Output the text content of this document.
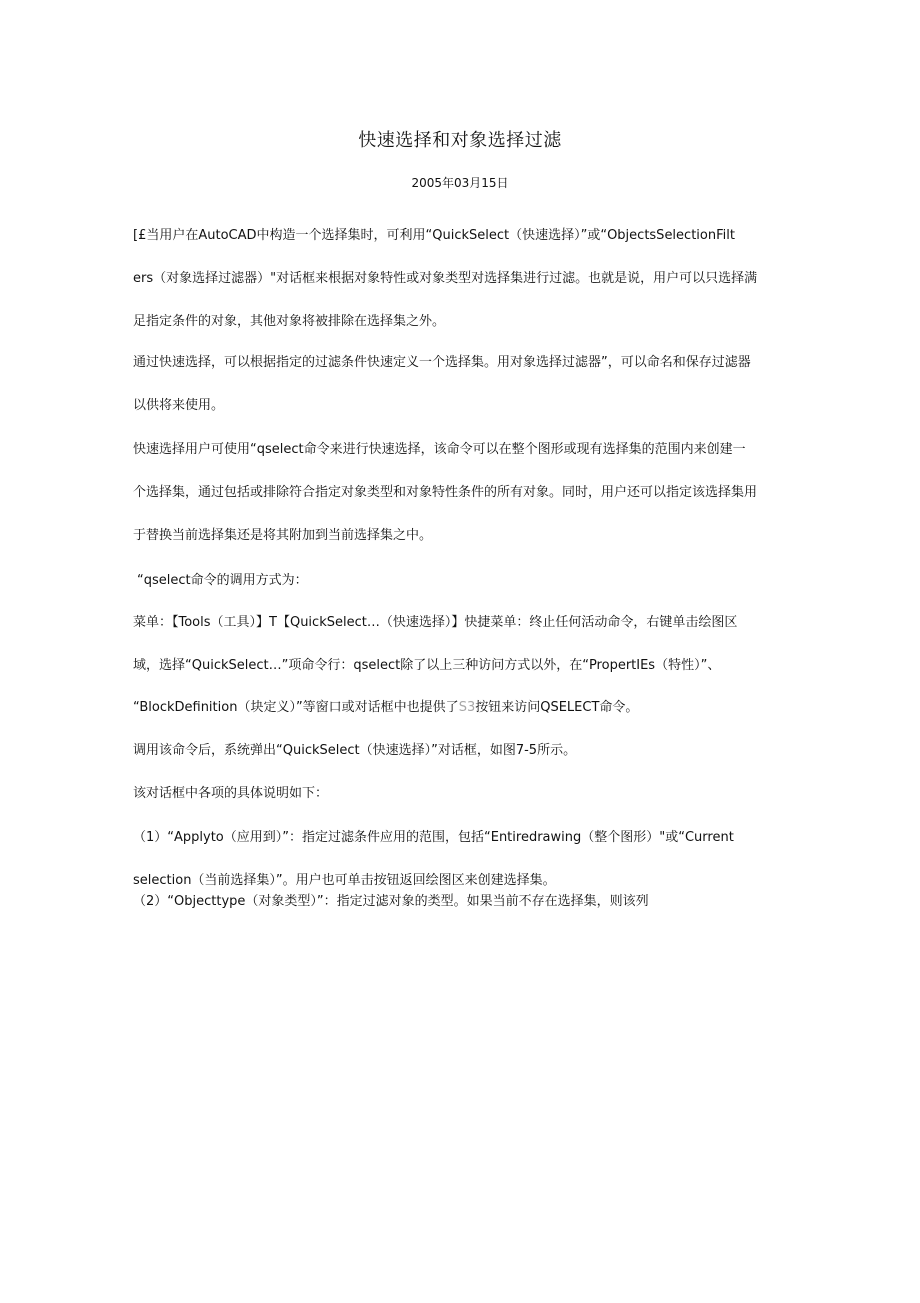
快速选择和对象选择过滤
2005年03月15日
[£当用户在AutoCAD中构造一个选择集时，可利用“QuickSelect（快速选择）”或“ObjectsSelectionFilt
ers（对象选择过滤器）"对话框来根据对象特性或对象类型对选择集进行过滤。也就是说，用户可以只选择满
足指定条件的对象，其他对象将被排除在选择集之外。
通过快速选择，可以根据指定的过滤条件快速定义一个选择集。用对象选择过滤器”，可以命名和保存过滤器
以供将来使用。
快速选择用户可使用“qselect命令来进行快速选择，该命令可以在整个图形或现有选择集的范围内来创建一
个选择集，通过包括或排除符合指定对象类型和对象特性条件的所有对象。同时，用户还可以指定该选择集用
于替换当前选择集还是将其附加到当前选择集之中。
“qselect命令的调用方式为：
菜单：【Tools（工具）】T【QuickSelect…（快速选择）】快捷菜单：终止任何活动命令，右键单击绘图区
域，选择“QuickSelect…”项命令行：qselect除了以上三种访问方式以外，在“PropertIEs（特性）”、
“BlockDefinition（块定义）”等窗口或对话框中也提供了S3按钮来访问QSELECT命令。
调用该命令后，系统弹出“QuickSelect（快速选择）”对话框，如图7-5所示。
该对话框中各项的具体说明如下：
（1）“Applyto（应用到）”：指定过滤条件应用的范围，包括“Entiredrawing（整个图形）"或“Current
selection（当前选择集）”。用户也可单击按钮返回绘图区来创建选择集。
（2）“Objecttype（对象类型）”：指定过滤对象的类型。如果当前不存在选择集，则该列
